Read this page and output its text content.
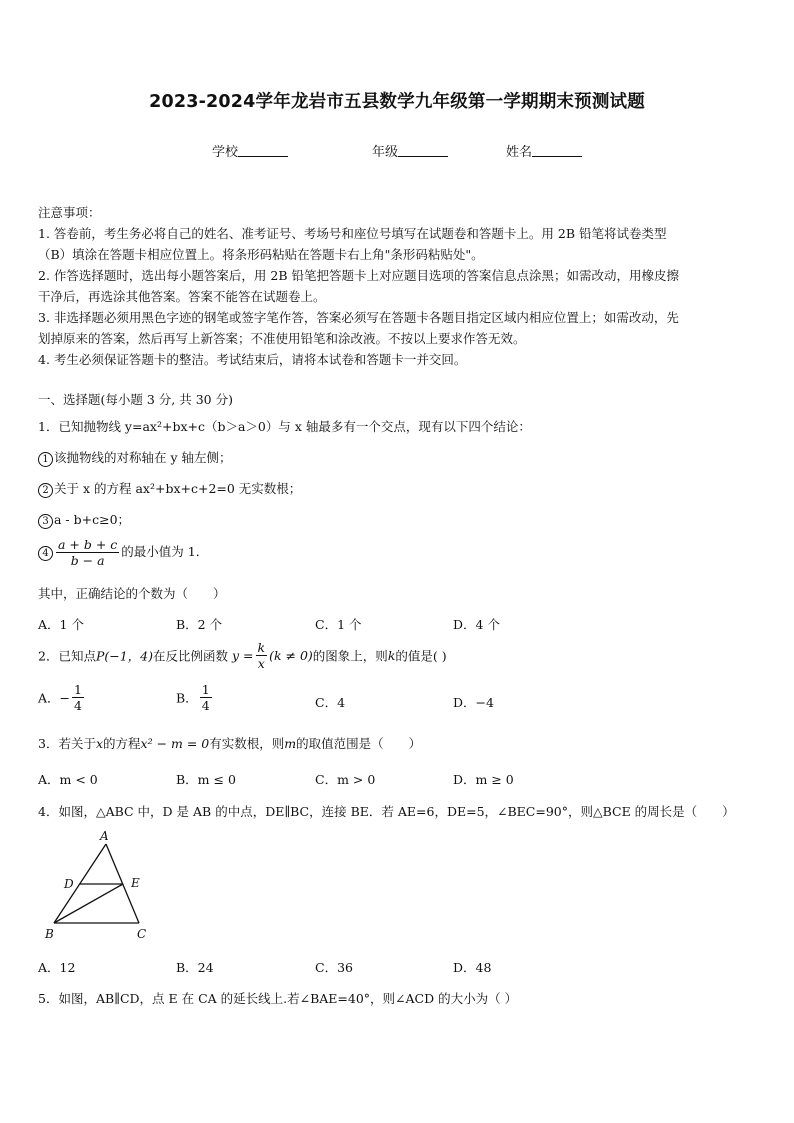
2023-2024学年龙岩市五县数学九年级第一学期期末预测试题
学校	年级	姓名
注意事项：
1. 答卷前，考生务必将自己的姓名、准考证号、考场号和座位号填写在试题卷和答题卡上。用 2B 铅笔将试卷类型
（B）填涂在答题卡相应位置上。将条形码粘贴在答题卡右上角"条形码粘贴处"。
2. 作答选择题时，选出每小题答案后，用 2B 铅笔把答题卡上对应题目选项的答案信息点涂黑；如需改动，用橡皮擦
干净后，再选涂其他答案。答案不能答在试题卷上。
3. 非选择题必须用黑色字迹的钢笔或签字笔作答，答案必须写在答题卡各题目指定区域内相应位置上；如需改动，先
划掉原来的答案，然后再写上新答案；不准使用铅笔和涂改液。不按以上要求作答无效。
4. 考生必须保证答题卡的整洁。考试结束后，请将本试卷和答题卡一并交回。
一、选择题(每小题 3 分, 共 30 分)
1．已知抛物线 y=ax²+bx+c（b＞a＞0）与 x 轴最多有一个交点，现有以下四个结论：
1 该抛物线的对称轴在 y 轴左侧；
2 关于 x 的方程 ax²+bx+c+2=0 无实数根；
3 a - b+c≥0；
$4 \frac{a + b + c}{b - a}$ 的最小值为 1．
其中，正确结论的个数为（　　）
A．1 个	B．2 个	C．1 个	D．4 个
2．已知点P(−1，4)在反比例函数 $y = \frac{k}{x} (k \ne 0)$的图象上，则k的值是( )
A．− $\frac{1}{4}$	B． $\frac{1}{4}$	C．4	D．−4
3．若关于x的方程x² − m = 0有实数根，则m的取值范围是（　　）
A．m < 0	B．m ≤ 0	C．m > 0	D．m ≥ 0
4．如图，△ABC 中，D 是 AB 的中点，DE∥BC，连接 BE．若 AE=6，DE=5，∠BEC=90°，则△BCE 的周长是（　　）
A
B	C
D	E
A．12	B．24	C．36	D．48
5．如图，AB∥CD，点 E 在 CA 的延长线上.若∠BAE=40°，则∠ACD 的大小为（ ）
